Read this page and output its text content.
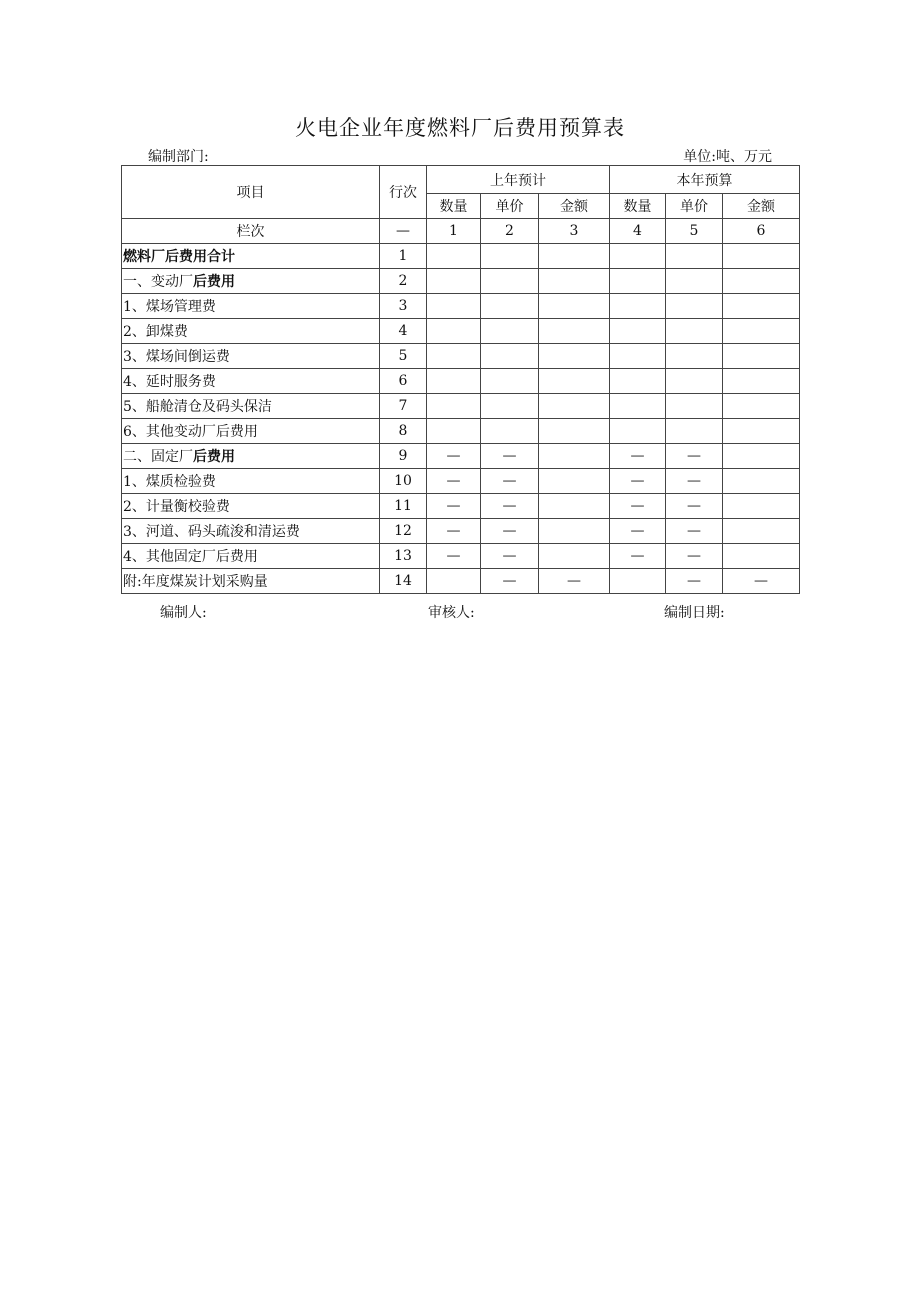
火电企业年度燃料厂后费用预算表
编制部门:	单位:吨、万元
项目	行次	上年预计			本年预算		
		数量	单价	金额	数量	单价	金额
栏次	—	1	2	3	4	5	6
燃料厂后费用合计	1						
一、变动厂后费用	2						
1、煤场管理费	3						
2、卸煤费	4						
3、煤场间倒运费	5						
4、延时服务费	6						
5、船舱清仓及码头保洁	7						
6、其他变动厂后费用	8						
二、固定厂后费用	9	—	—		—	—	
1、煤质检验费	10	—	—		—	—	
2、计量衡校验费	11	—	—		—	—	
3、河道、码头疏浚和清运费	12	—	—		—	—	
4、其他固定厂后费用	13	—	—		—	—	
附:年度煤炭计划采购量	14		—	—		—	—
编制人:	审核人:	编制日期:
